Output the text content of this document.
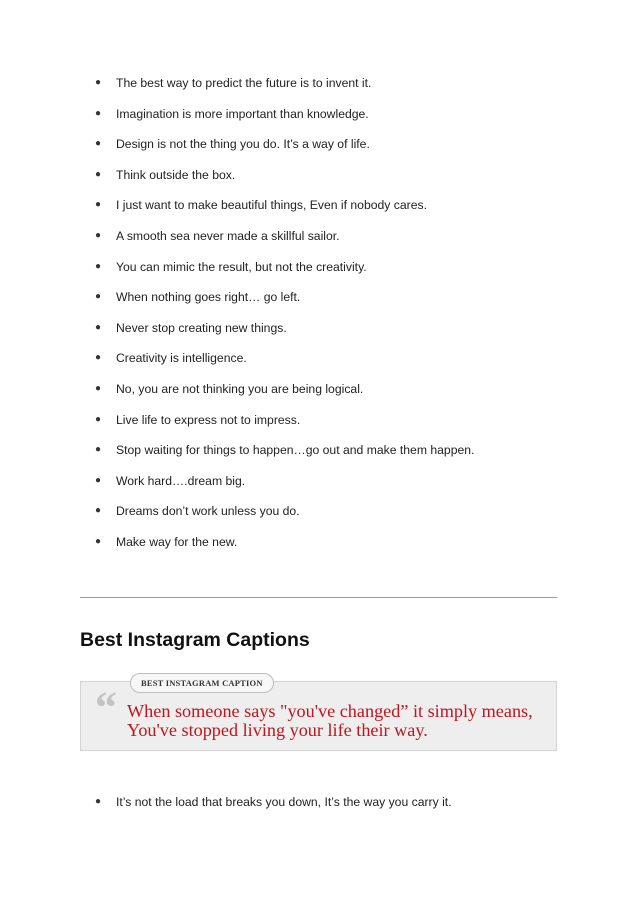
● The best way to predict the future is to invent it.
● Imagination is more important than knowledge.
● Design is not the thing you do. It’s a way of life.
● Think outside the box.
● I just want to make beautiful things, Even if nobody cares.
● A smooth sea never made a skillful sailor.
● You can mimic the result, but not the creativity.
● When nothing goes right… go left.
● Never stop creating new things.
● Creativity is intelligence.
● No, you are not thinking you are being logical.
● Live life to express not to impress.
● Stop waiting for things to happen…go out and make them happen.
● Work hard….dream big.
● Dreams don’t work unless you do.
● Make way for the new.
Best Instagram Captions
BEST INSTAGRAM CAPTION
“ When someone says "you've changed” it simply means, You've stopped living your life their way.
● It’s not the load that breaks you down, It’s the way you carry it.
